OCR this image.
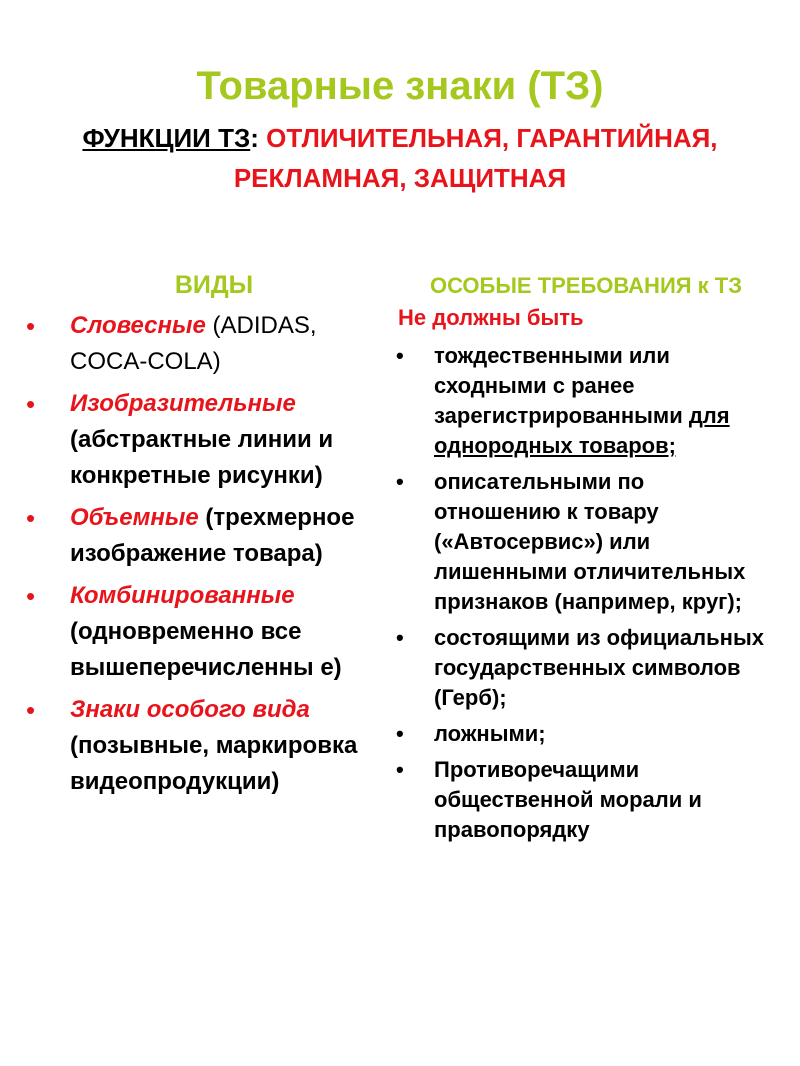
Товарные знаки (ТЗ)
ФУНКЦИИ ТЗ: ОТЛИЧИТЕЛЬНАЯ, ГАРАНТИЙНАЯ, РЕКЛАМНАЯ, ЗАЩИТНАЯ
ВИДЫ
• Словесные (ADIDAS, COCA-COLA)
• Изобразительные (абстрактные линии и конкретные рисунки)
• Объемные (трехмерное изображение товара)
• Комбинированные (одновременно все вышеперечисленны е)
• Знаки особого вида (позывные, маркировка видеопродукции)
ОСОБЫЕ ТРЕБОВАНИЯ к ТЗ
Не должны быть
• тождественными или сходными с ранее зарегистрированными для однородных товаров;
• описательными по отношению к товару («Автосервис») или лишенными отличительных признаков (например, круг);
• состоящими из официальных государственных символов (Герб);
• ложными;
• Противоречащими общественной морали и правопорядку
